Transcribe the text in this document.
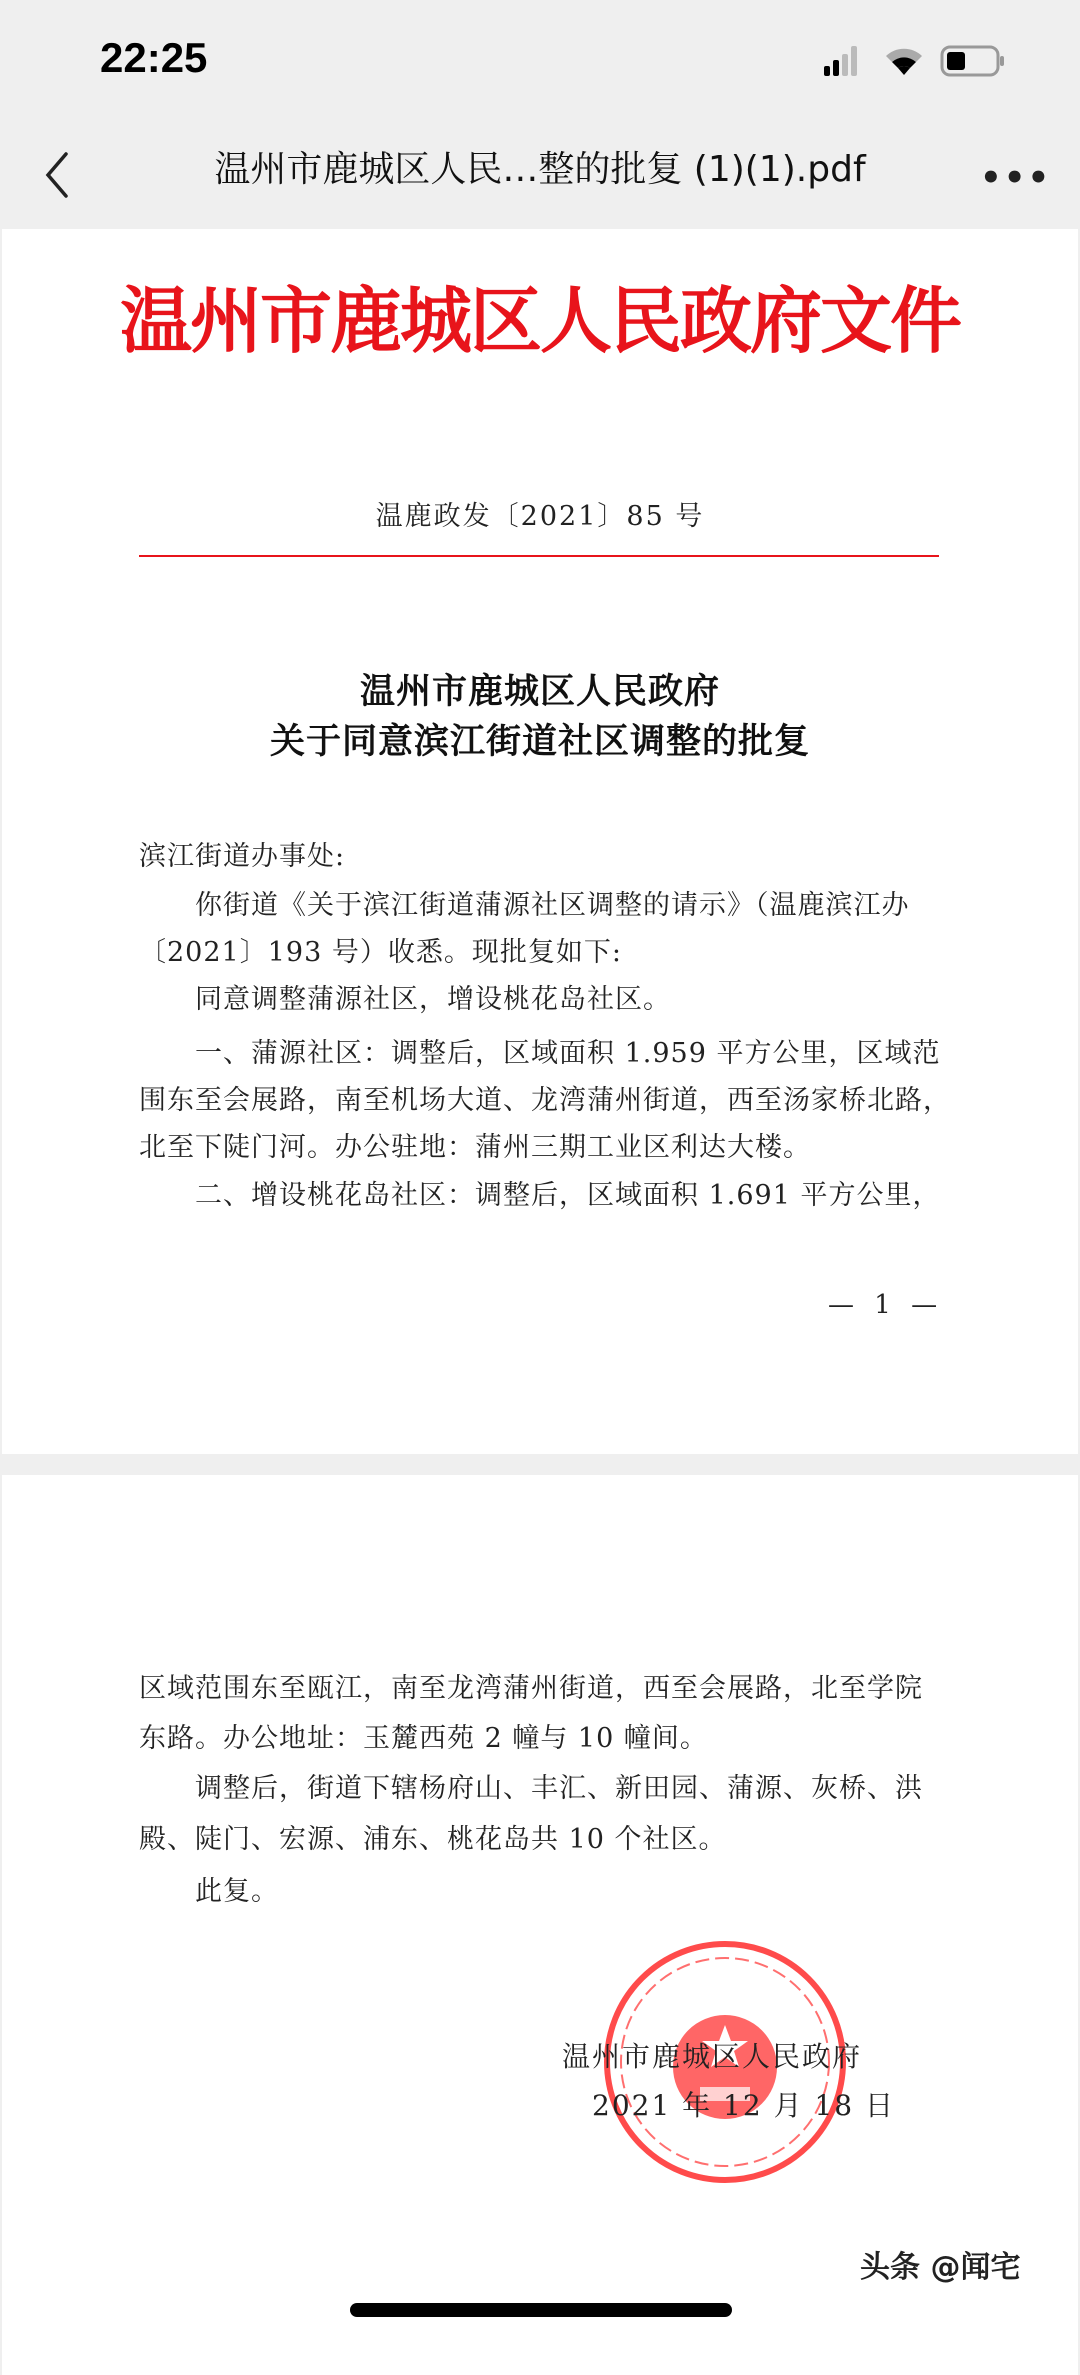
22:25
温州市鹿城区人民…整的批复 (1)(1).pdf	•••
温州市鹿城区人民政府文件
温鹿政发〔2021〕85 号
温州市鹿城区人民政府
关于同意滨江街道社区调整的批复
滨江街道办事处:
你街道《关于滨江街道蒲源社区调整的请示》（温鹿滨江办
〔2021〕193 号）收悉。现批复如下:
同意调整蒲源社区，增设桃花岛社区。
一、蒲源社区：调整后，区域面积 1.959 平方公里，区域范
围东至会展路，南至机场大道、龙湾蒲州街道，西至汤家桥北路，
北至下陡门河。办公驻地：蒲州三期工业区利达大楼。
二、增设桃花岛社区：调整后，区域面积 1.691 平方公里，
— 1 —
区域范围东至瓯江，南至龙湾蒲州街道，西至会展路，北至学院
东路。办公地址：玉麓西苑 2 幢与 10 幢间。
调整后，街道下辖杨府山、丰汇、新田园、蒲源、灰桥、洪
殿、陡门、宏源、浦东、桃花岛共 10 个社区。
此复。
温州市鹿城区人民政府
2021 年 12 月 18 日
头条 @闻宅
